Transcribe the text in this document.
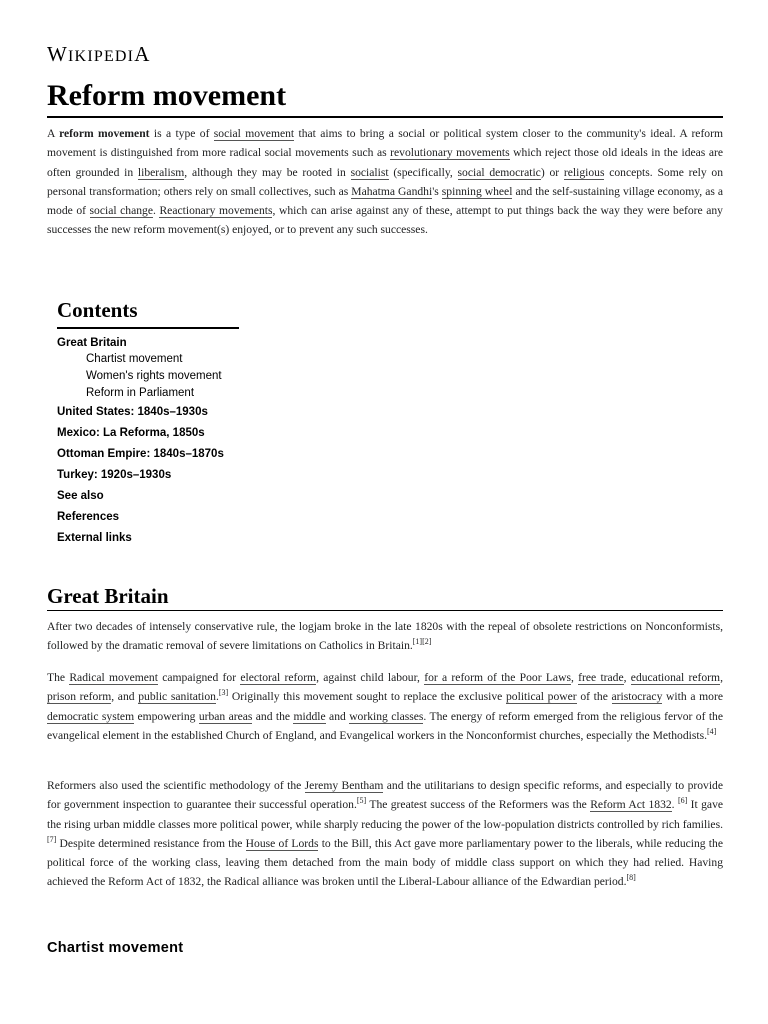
WIKIPEDIA
Reform movement

A reform movement is a type of social movement that aims to bring a social or political system closer to the community's ideal. A reform movement is distinguished from more radical social movements such as revolutionary movements which reject those old ideals in the ideas are often grounded in liberalism, although they may be rooted in socialist (specifically, social democratic) or religious concepts. Some rely on personal transformation; others rely on small collectives, such as Mahatma Gandhi's spinning wheel and the self-sustaining village economy, as a mode of social change. Reactionary movements, which can arise against any of these, attempt to put things back the way they were before any successes the new reform movement(s) enjoyed, or to prevent any such successes.

Contents
Great Britain
Chartist movement
Women's rights movement
Reform in Parliament
United States: 1840s–1930s
Mexico: La Reforma, 1850s
Ottoman Empire: 1840s–1870s
Turkey: 1920s–1930s
See also
References
External links
Great Britain

After two decades of intensely conservative rule, the logjam broke in the late 1820s with the repeal of obsolete restrictions on Nonconformists, followed by the dramatic removal of severe limitations on Catholics in Britain.[1][2]

The Radical movement campaigned for electoral reform, against child labour, for a reform of the Poor Laws, free trade, educational reform, prison reform, and public sanitation.[3] Originally this movement sought to replace the exclusive political power of the aristocracy with a more democratic system empowering urban areas and the middle and working classes. The energy of reform emerged from the religious fervor of the evangelical element in the established Church of England, and Evangelical workers in the Nonconformist churches, especially the Methodists.[4]

Reformers also used the scientific methodology of the Jeremy Bentham and the utilitarians to design specific reforms, and especially to provide for government inspection to guarantee their successful operation.[5] The greatest success of the Reformers was the Reform Act 1832. [6] It gave the rising urban middle classes more political power, while sharply reducing the power of the low-population districts controlled by rich families.[7] Despite determined resistance from the House of Lords to the Bill, this Act gave more parliamentary power to the liberals, while reducing the political force of the working class, leaving them detached from the main body of middle class support on which they had relied. Having achieved the Reform Act of 1832, the Radical alliance was broken until the Liberal-Labour alliance of the Edwardian period.[8]

Chartist movement
